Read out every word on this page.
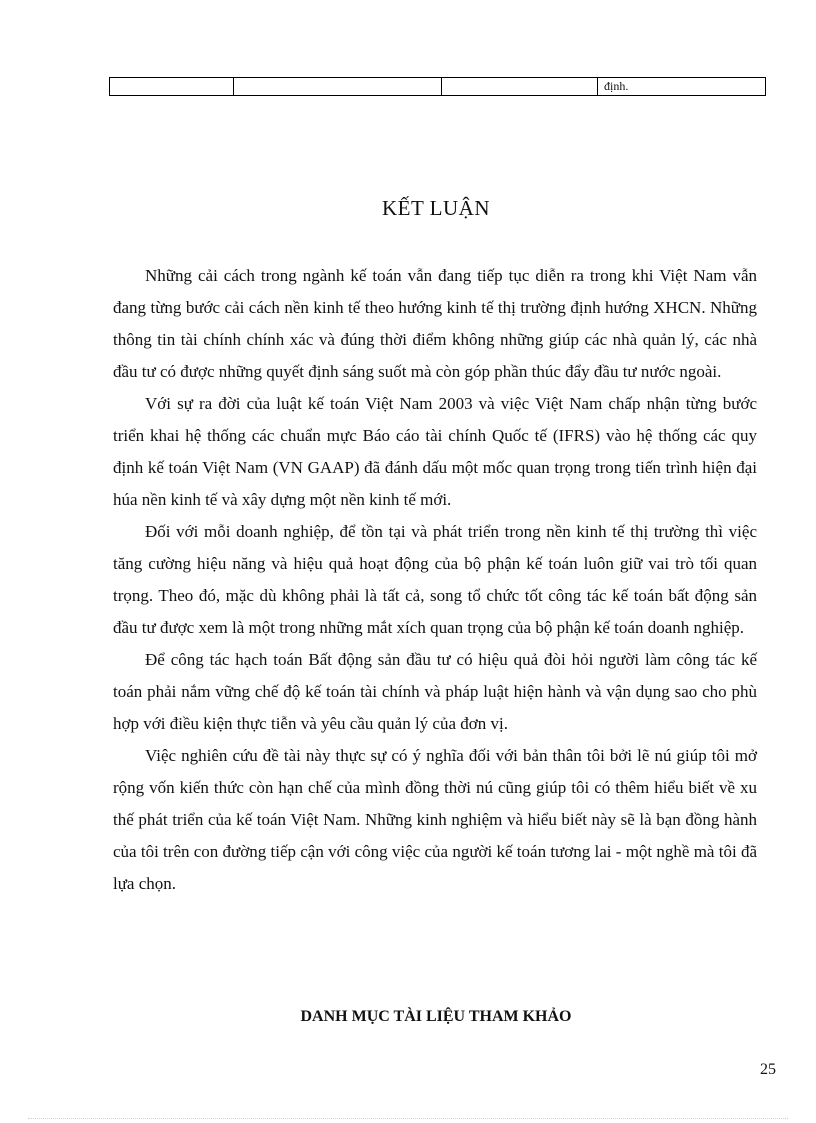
			định.
KẾT LUẬN

Những cải cách trong ngành kế toán vẫn đang tiếp tục diễn ra trong khi Việt Nam vẫn đang từng bước cải cách nền kinh tế theo hướng kinh tế thị trường định hướng XHCN. Những thông tin tài chính chính xác và đúng thời điểm không những giúp các nhà quản lý, các nhà đầu tư có được những quyết định sáng suốt mà còn góp phần thúc đẩy đầu tư nước ngoài.

Với sự ra đời của luật kế toán Việt Nam 2003 và việc Việt Nam chấp nhận từng bước triển khai hệ thống các chuẩn mực Báo cáo tài chính Quốc tế (IFRS) vào hệ thống các quy định kế toán Việt Nam (VN GAAP) đã đánh dấu một mốc quan trọng trong tiến trình hiện đại húa nền kinh tế và xây dựng một nền kinh tế mới.

Đối với mỗi doanh nghiệp, để tồn tại và phát triển trong nền kinh tế thị trường thì việc tăng cường hiệu năng và hiệu quả hoạt động của bộ phận kế toán luôn giữ vai trò tối quan trọng. Theo đó, mặc dù không phải là tất cả, song tổ chức tốt công tác kế toán bất động sản đầu tư được xem là một trong những mắt xích quan trọng của bộ phận kế toán doanh nghiệp.

Để công tác hạch toán Bất động sản đầu tư có hiệu quả đòi hỏi người làm công tác kế toán phải nắm vững chế độ kế toán tài chính và pháp luật hiện hành và vận dụng sao cho phù hợp với điều kiện thực tiễn và yêu cầu quản lý của đơn vị.

Việc nghiên cứu đề tài này thực sự có ý nghĩa đối với bản thân tôi bởi lẽ nú giúp tôi mở rộng vốn kiến thức còn hạn chế của mình đồng thời nú cũng giúp tôi có thêm hiểu biết về xu thế phát triển của kế toán Việt Nam. Những kinh nghiệm và hiểu biết này sẽ là bạn đồng hành của tôi trên con đường tiếp cận với công việc của người kế toán tương lai - một nghề mà tôi đã lựa chọn.

DANH MỤC TÀI LIỆU THAM KHẢO
25
